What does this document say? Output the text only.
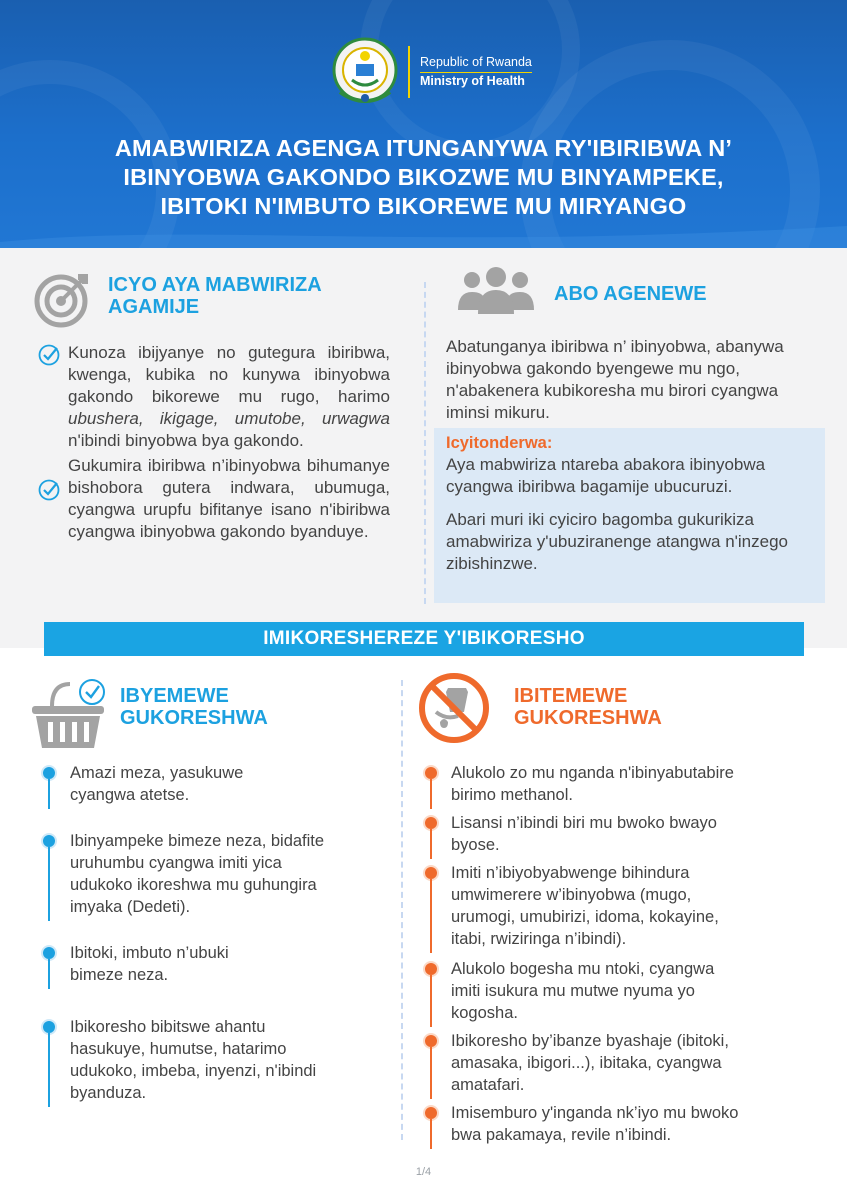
Republic of Rwanda
Ministry of Health
AMABWIRIZA AGENGA ITUNGANYWA RY'IBIRIBWA N’
IBINYOBWA GAKONDO BIKOZWE MU BINYAMPEKE,
IBITOKI N'IMBUTO BIKOREWE MU MIRYANGO
ICYO AYA MABWIRIZA
AGAMIJE
Kunoza ibijyanye no gutegura ibiribwa, kwenga, kubika no kunywa ibinyobwa gakondo bikorewe mu rugo, harimo ubushera, ikigage, umutobe, urwagwa n'ibindi binyobwa bya gakondo.
Gukumira ibiribwa n’ibinyobwa bihumanye bishobora gutera indwara, ubumuga, cyangwa urupfu bifitanye isano n'ibiribwa cyangwa ibinyobwa gakondo byanduye.
ABO AGENEWE
Abatunganya ibiribwa n’ ibinyobwa, abanywa ibinyobwa gakondo byengewe mu ngo, n'abakenera kubikoresha mu birori cyangwa iminsi mikuru.
Icyitonderwa:
Aya mabwiriza ntareba abakora ibinyobwa cyangwa ibiribwa bagamije ubucuruzi.
Abari muri iki cyiciro bagomba gukurikiza amabwiriza y'ubuziranenge atangwa n'inzego zibishinzwe.
IMIKORESHEREZE Y'IBIKORESHO
IBYEMEWE
GUKORESHWA
Amazi meza, yasukuwe
cyangwa atetse.
Ibinyampeke bimeze neza, bidafite
uruhumbu cyangwa imiti yica
udukoko ikoreshwa mu guhungira
imyaka (Dedeti).
Ibitoki, imbuto n’ubuki
bimeze neza.
Ibikoresho bibitswe ahantu
hasukuye, humutse, hatarimo
udukoko, imbeba, inyenzi, n'ibindi
byanduza.
IBITEMEWE
GUKORESHWA
Alukolo zo mu nganda n'ibinyabutabire
birimo methanol.
Lisansi n’ibindi biri mu bwoko bwayo
byose.
Imiti n’ibiyobyabwenge bihindura
umwimerere w’ibinyobwa (mugo,
urumogi, umubirizi, idoma, kokayine,
itabi, rwiziringa n’ibindi).
Alukolo bogesha mu ntoki, cyangwa
imiti isukura mu mutwe nyuma yo
kogosha.
Ibikoresho by’ibanze byashaje (ibitoki,
amasaka, ibigori...), ibitaka, cyangwa
amatafari.
Imisemburo y'inganda nk’iyo mu bwoko
bwa pakamaya, revile n’ibindi.
1/4
